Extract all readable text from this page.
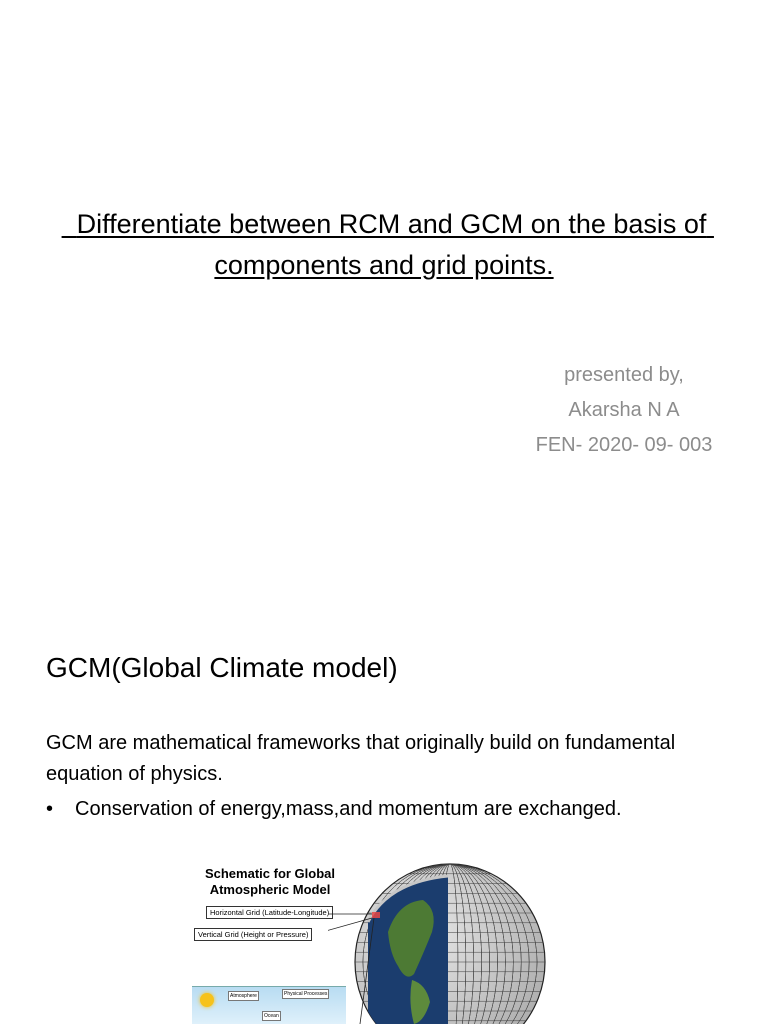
Differentiate between RCM and GCM on the basis of components and grid points.
presented by,
Akarsha N A
FEN- 2020- 09- 003
GCM(Global Climate model)
GCM are mathematical frameworks that originally build on fundamental equation of physics.
•	Conservation of energy,mass,and momentum are exchanged.
Schematic for Global Atmospheric Model
Horizontal Grid (Latitude-Longitude)
Vertical Grid (Height or Pressure)
Atmosphere	Physical Processes
Ocean
